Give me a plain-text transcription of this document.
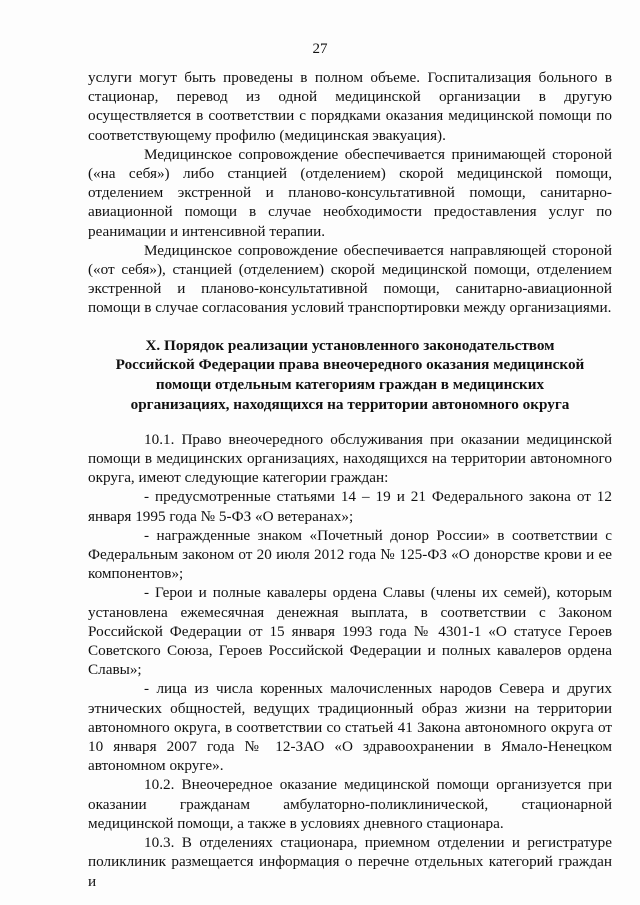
27

услуги могут быть проведены в полном объеме. Госпитализация больного в стационар, перевод из одной медицинской организации в другую осуществляется в соответствии с порядками оказания медицинской помощи по соответствующему профилю (медицинская эвакуация).

Медицинское сопровождение обеспечивается принимающей стороной («на себя») либо станцией (отделением) скорой медицинской помощи, отделением экстренной и планово-консультативной помощи, санитарно-авиационной помощи в случае необходимости предоставления услуг по реанимации и интенсивной терапии.

Медицинское сопровождение обеспечивается направляющей стороной («от себя»), станцией (отделением) скорой медицинской помощи, отделением экстренной и планово-консультативной помощи, санитарно-авиационной помощи в случае согласования условий транспортировки между организациями.

X. Порядок реализации установленного законодательством Российской Федерации права внеочередного оказания медицинской помощи отдельным категориям граждан в медицинских организациях, находящихся на территории автономного округа

10.1. Право внеочередного обслуживания при оказании медицинской помощи в медицинских организациях, находящихся на территории автономного округа, имеют следующие категории граждан:

- предусмотренные статьями 14 – 19 и 21 Федерального закона от 12 января 1995 года № 5-ФЗ «О ветеранах»;

- награжденные знаком «Почетный донор России» в соответствии с Федеральным законом от 20 июля 2012 года № 125-ФЗ «О донорстве крови и ее компонентов»;

- Герои и полные кавалеры ордена Славы (члены их семей), которым установлена ежемесячная денежная выплата, в соответствии с Законом Российской Федерации от 15 января 1993 года № 4301-1 «О статусе Героев Советского Союза, Героев Российской Федерации и полных кавалеров ордена Славы»;

- лица из числа коренных малочисленных народов Севера и других этнических общностей, ведущих традиционный образ жизни на территории автономного округа, в соответствии со статьей 41 Закона автономного округа от 10 января 2007 года № 12-ЗАО «О здравоохранении в Ямало-Ненецком автономном округе».

10.2. Внеочередное оказание медицинской помощи организуется при оказании гражданам амбулаторно-поликлинической, стационарной медицинской помощи, а также в условиях дневного стационара.

10.3. В отделениях стационара, приемном отделении и регистратуре поликлиник размещается информация о перечне отдельных категорий граждан и
